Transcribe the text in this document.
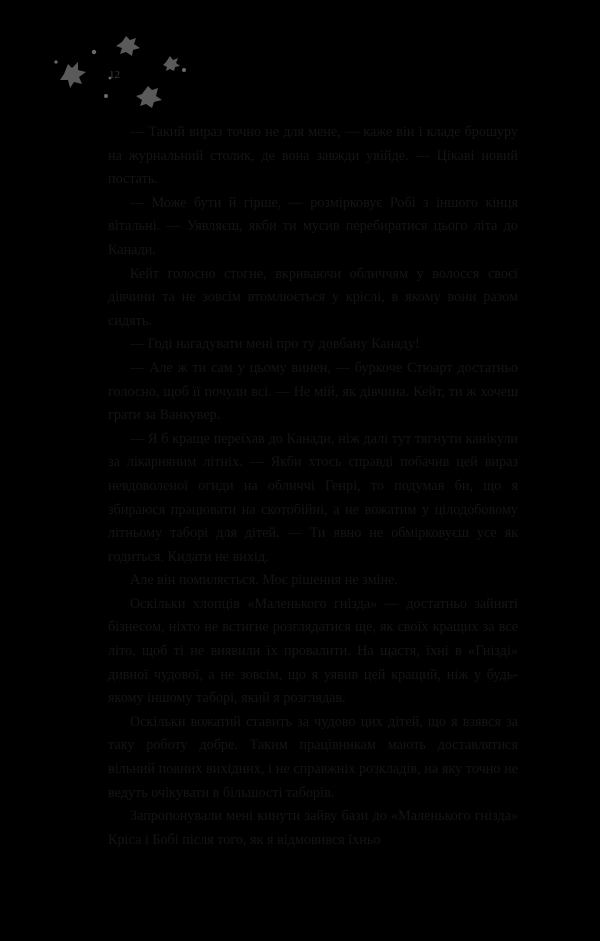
12

— Такий вираз точно не для мене, — каже він і кладе брошуру на журнальний столик, де вона завжди увійде. — Цікаві новий постать.

— Може бути й гірше, — розмірковує Робі з іншого кінця вітальні. — Уявляєш, якби ти мусив перебиратися цього літа до Канади.

Кейт голосно стогне, вкриваючи обличчям у волосся своєї дівчини та не зовсім втомлюється у кріслі, в якому вони разом сидять.

— Годі нагадувати мені про ту довбану Канаду!

— Але ж ти сам у цьому винен, — буркоче Стюарт достатньо голосно, щоб її почули всі. — Не мій, як дівчина. Кейт, ти ж хочеш грати за Ванкувер.

— Я б краще переїхав до Канади, ніж далі тут тягнути канікули за лікарняним літніх. — Якби хтось справді побачив цей вираз невдоволеної огиди на обличчі Генрі, то подумав би, що я збираюся працювати на скотобійні, а не вожатим у цілодобовому літньому таборі для дітей. — Ти явно не обмірковуєш усе як годиться. Кидати не вихід.

Але він помиляється. Моє рішення не зміне.

Оскільки хлопців «Маленького гнізда» — достатньо зайняті бізнесом, ніхто не встигне розглядатися ще, як своїх кращих за все літо, щоб ті не виявили їх провалити. На щастя, їхні в «Гнізді» дивної чудової, а не зовсім, що я уявив цей кращий, ніж у будь-якому іншому таборі, який я розглядав.

Оскільки вожатий ставить за чудово цих дітей, що я взявся за таку роботу добре. Таким працівникам мають доставлятися вільний повних вихідних, і не справжніх розкладів, на яку точно не ведуть очікувати в більшості таборів.

Запропонували мені кинути зайву бази до «Маленького гнізда» Кріса і Бобі після того, як я відмовився їхньо
